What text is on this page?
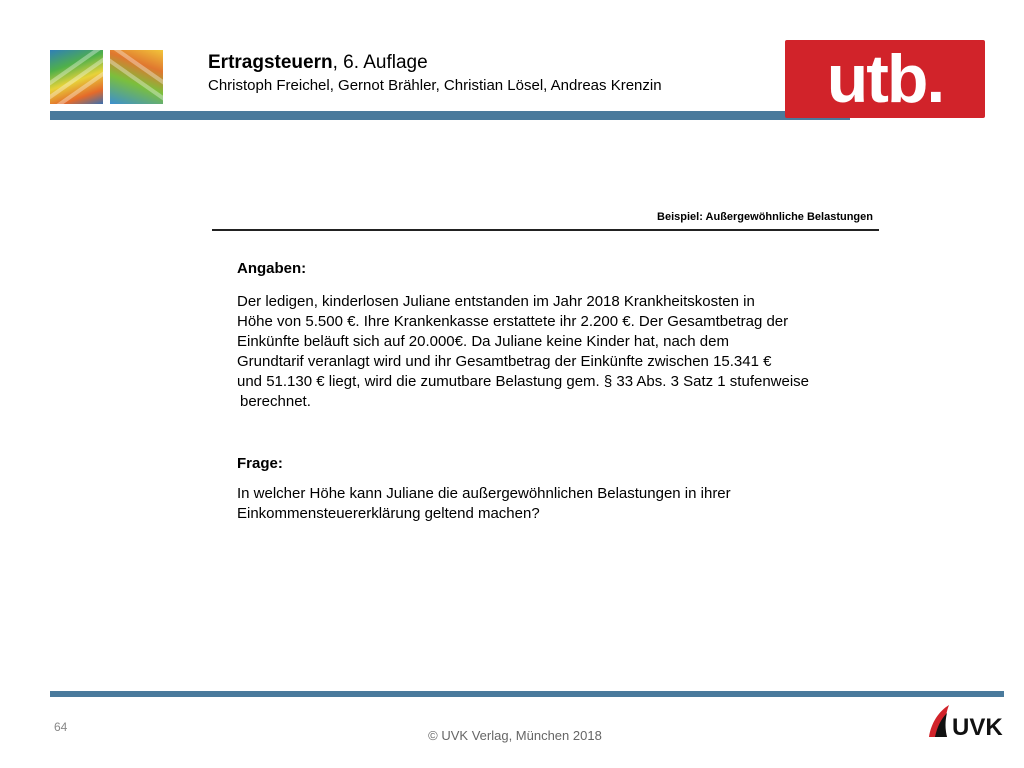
Ertragsteuern, 6. Auflage
Christoph Freichel, Gernot Brähler, Christian Lösel, Andreas Krenzin utb.
Beispiel: Außergewöhnliche Belastungen
Angaben:
Der ledigen, kinderlosen Juliane entstanden im Jahr 2018 Krankheitskosten in
Höhe von 5.500 €. Ihre Krankenkasse erstattete ihr 2.200 €. Der Gesamtbetrag der
Einkünfte beläuft sich auf 20.000€. Da Juliane keine Kinder hat, nach dem
Grundtarif veranlagt wird und ihr Gesamtbetrag der Einkünfte zwischen 15.341 €
und 51.130 € liegt, wird die zumutbare Belastung gem. § 33 Abs. 3 Satz 1 stufenweise
berechnet.
Frage:
In welcher Höhe kann Juliane die außergewöhnlichen Belastungen in ihrer
Einkommensteuererklärung geltend machen?
64
© UVK Verlag, München 2018	UVK
